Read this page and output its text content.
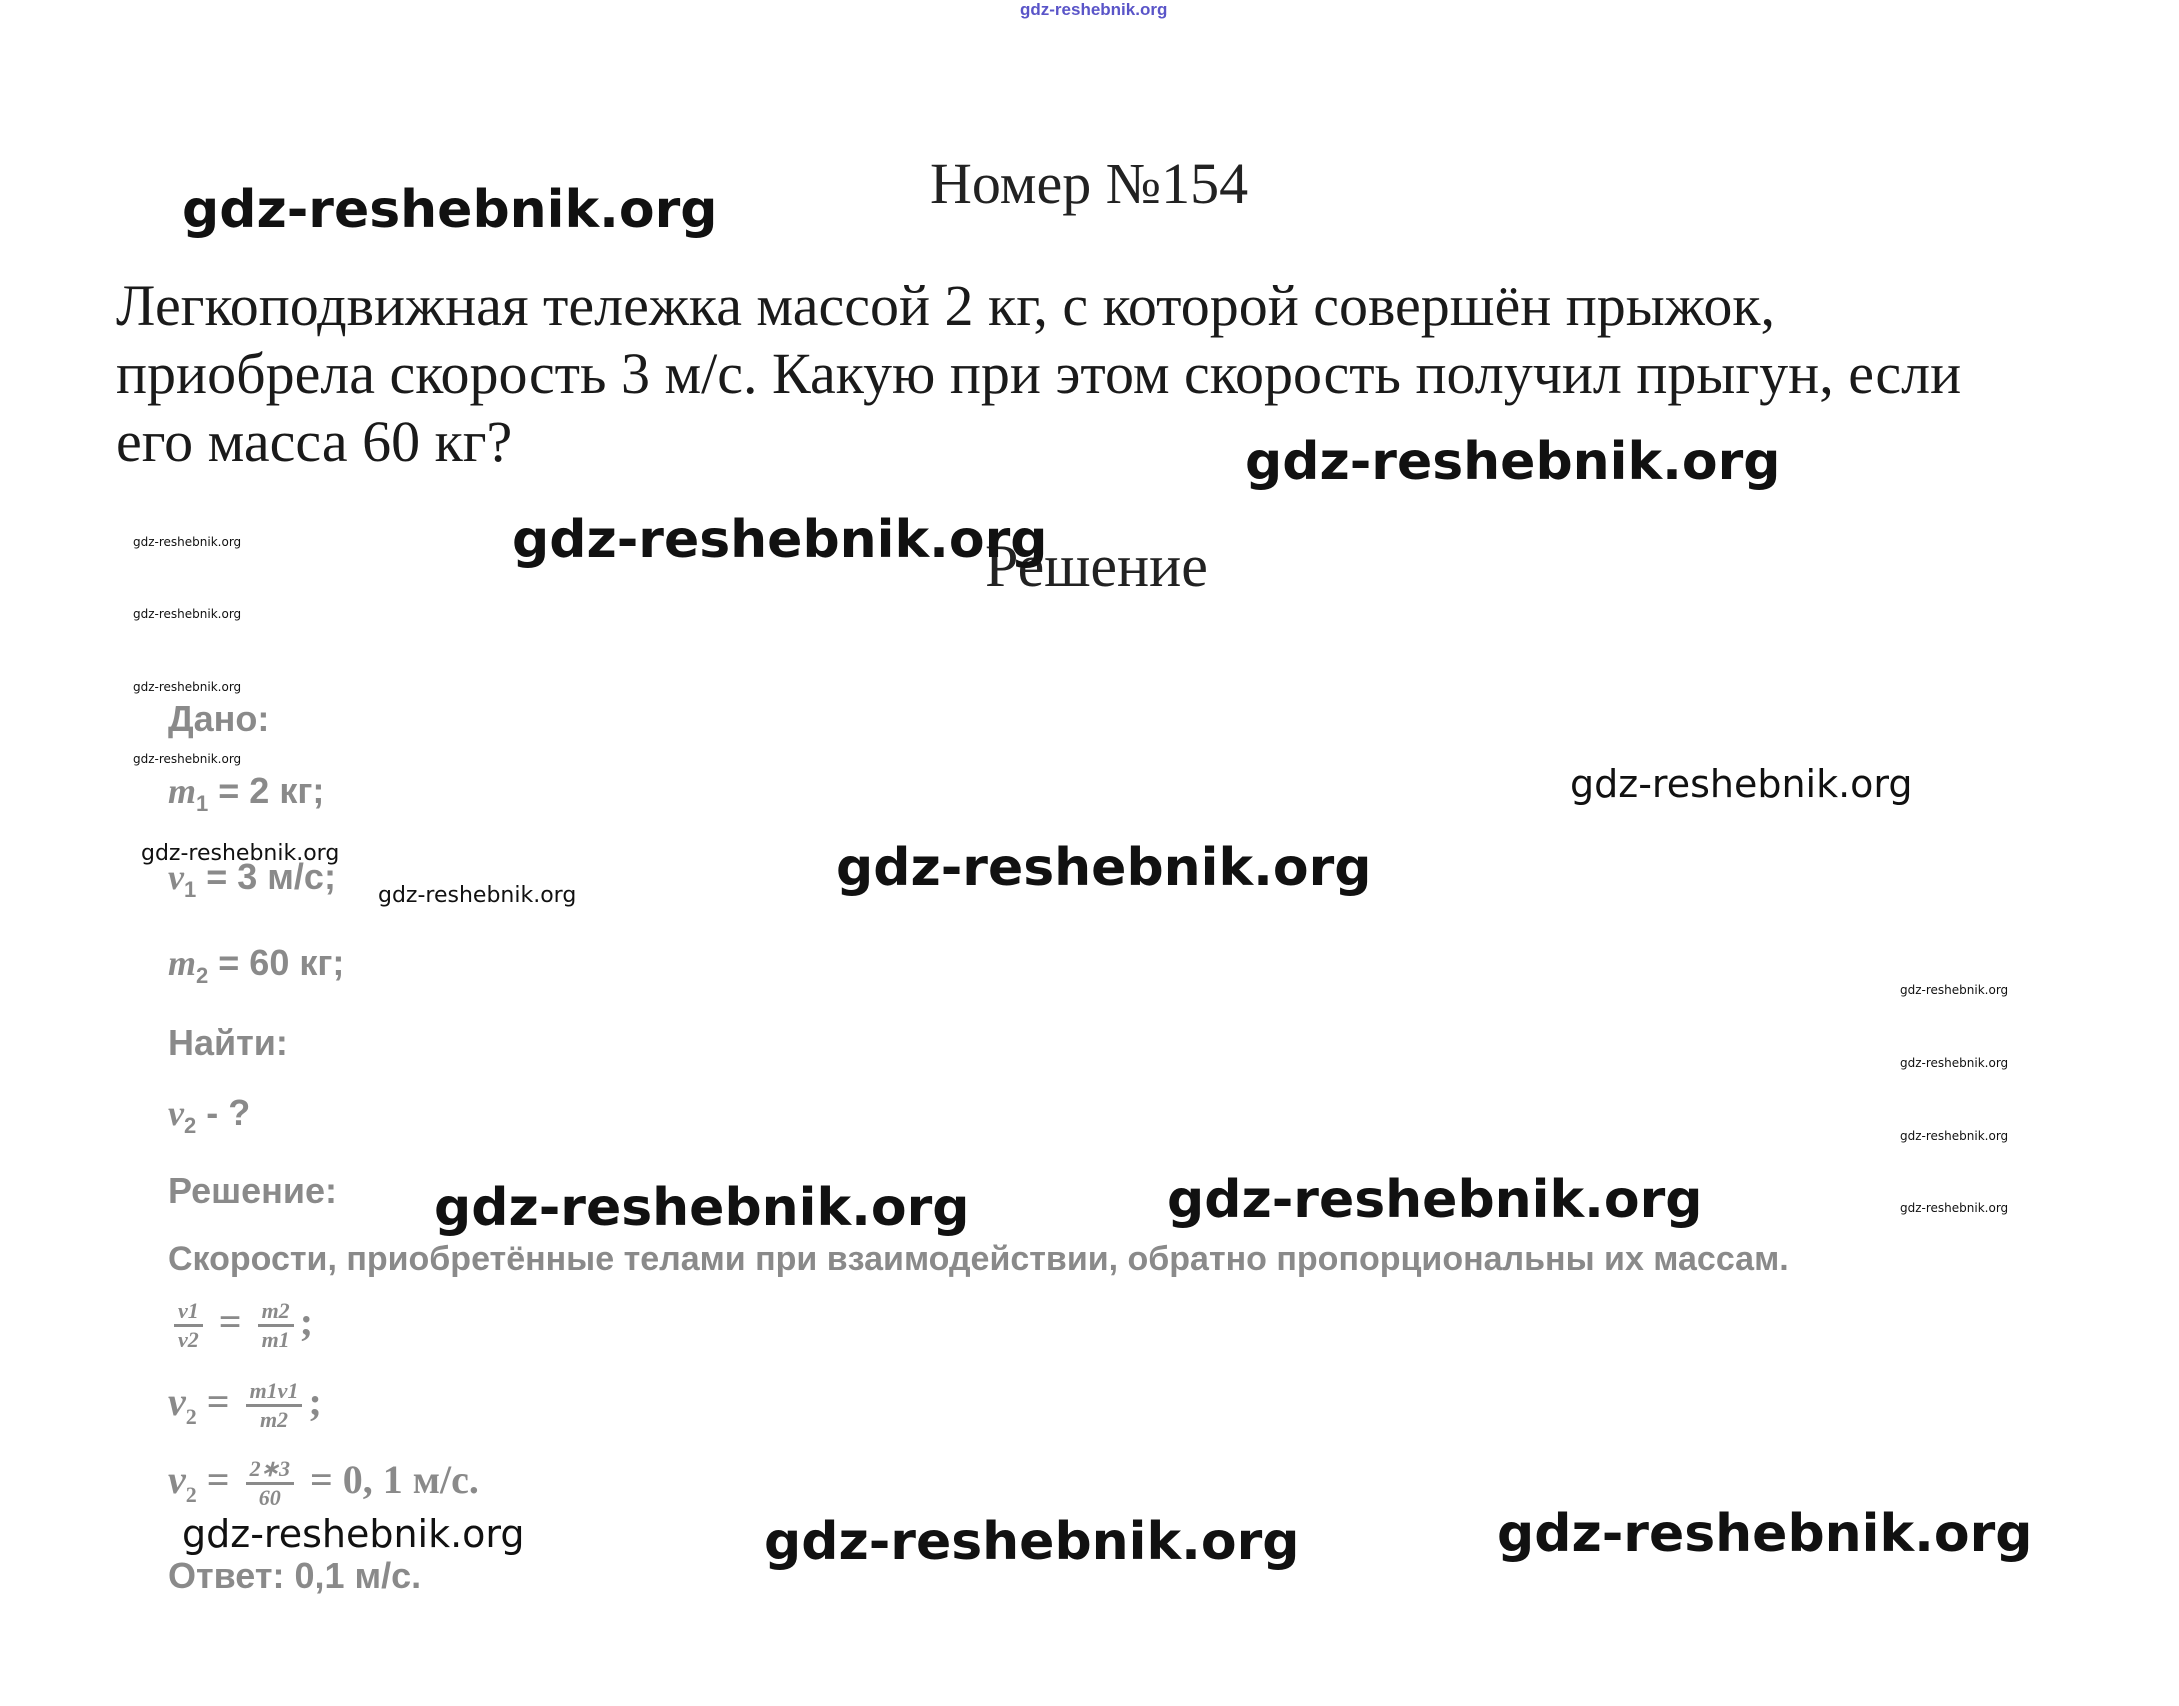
gdz-reshebnik.org
Номер №154
Легкоподвижная тележка массой 2 кг, с которой совершён прыжок,
приобрела скорость 3 м/с. Какую при этом скорость получил прыгун, если
его масса 60 кг?
Решение
Дано:
$m_1 = 2$ кг;
$v_1 = 3$ м/с;
$m_2 = 60$ кг;
Найти:
$v_2$ - ?
Решение:
Скорости, приобретённые телами при взаимодействии, обратно пропорциональны их массам.
$\frac{v1}{v2} = \frac{m2}{m1}$ ;
$v_2 = \frac{m1v1}{m2}$ ;
$v_2 = \frac{2∗3}{60} = 0$, 1 м/с.
Ответ: 0,1 м/с.
gdz-reshebnik.org
gdz-reshebnik.org
gdz-reshebnik.org
gdz-reshebnik.org
gdz-reshebnik.org
gdz-reshebnik.org
gdz-reshebnik.org
gdz-reshebnik.org
gdz-reshebnik.org	gdz-reshebnik.org
gdz-reshebnik.org
gdz-reshebnik.org
gdz-reshebnik.org
gdz-reshebnik.org
gdz-reshebnik.org
gdz-reshebnik.org
gdz-reshebnik.org
gdz-reshebnik.org	gdz-reshebnik.org	gdz-reshebnik.org
